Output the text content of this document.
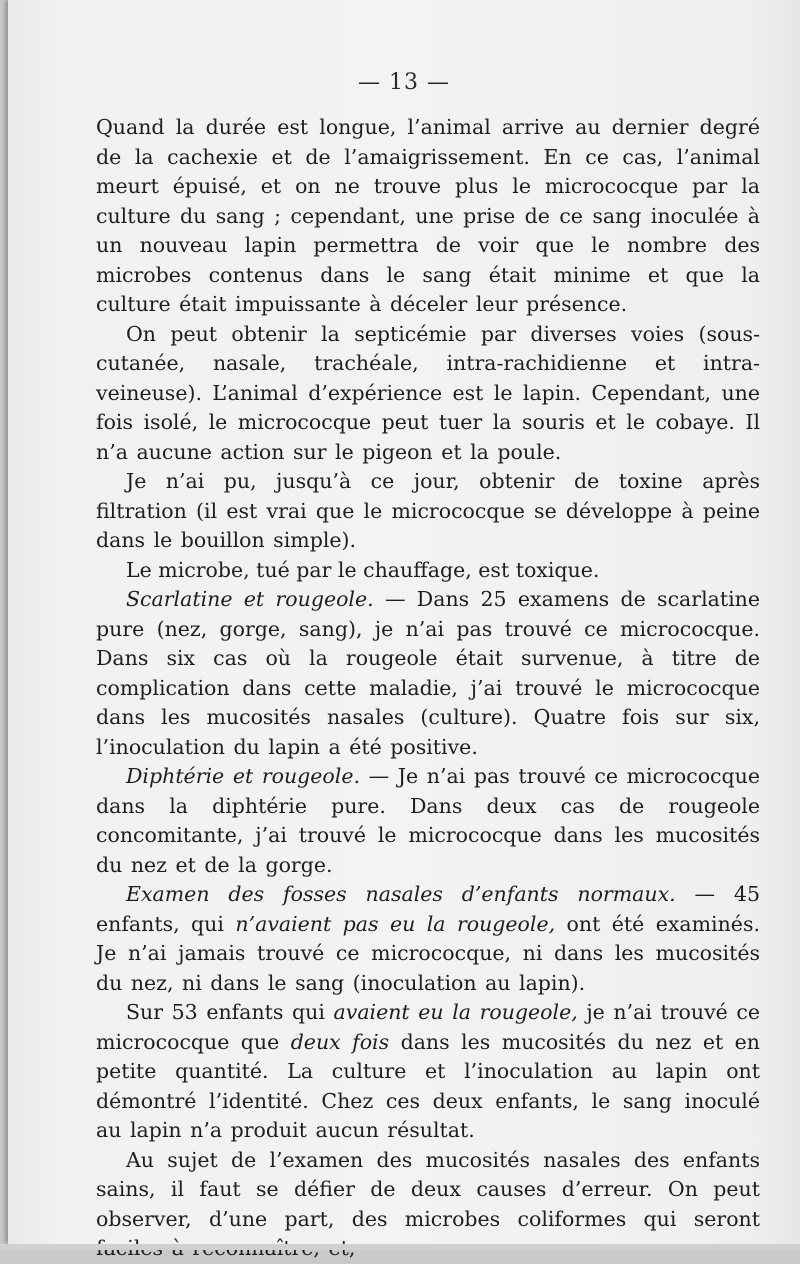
— 13 —

Quand la durée est longue, l’animal arrive au dernier degré de la cachexie et de l’amaigrissement. En ce cas, l’animal meurt épuisé, et on ne trouve plus le micrococque par la culture du sang ; cependant, une prise de ce sang inoculée à un nouveau lapin permettra de voir que le nombre des microbes contenus dans le sang était minime et que la culture était impuissante à déceler leur présence.

On peut obtenir la septicémie par diverses voies (sous-cutanée, nasale, trachéale, intra-rachidienne et intra-veineuse). L’animal d’expérience est le lapin. Cependant, une fois isolé, le micrococque peut tuer la souris et le cobaye. Il n’a aucune action sur le pigeon et la poule.

Je n’ai pu, jusqu’à ce jour, obtenir de toxine après filtration (il est vrai que le micrococque se développe à peine dans le bouillon simple).

Le microbe, tué par le chauffage, est toxique.

Scarlatine et rougeole. — Dans 25 examens de scarlatine pure (nez, gorge, sang), je n’ai pas trouvé ce micrococque. Dans six cas où la rougeole était survenue, à titre de complication dans cette maladie, j’ai trouvé le micrococque dans les mucosités nasales (culture). Quatre fois sur six, l’inoculation du lapin a été positive.

Diphtérie et rougeole. — Je n’ai pas trouvé ce micrococque dans la diphtérie pure. Dans deux cas de rougeole concomitante, j’ai trouvé le micrococque dans les mucosités du nez et de la gorge.

Examen des fosses nasales d’enfants normaux. — 45 enfants, qui n’avaient pas eu la rougeole, ont été examinés. Je n’ai jamais trouvé ce micrococque, ni dans les mucosités du nez, ni dans le sang (inoculation au lapin).

Sur 53 enfants qui avaient eu la rougeole, je n’ai trouvé ce micrococque que deux fois dans les mucosités du nez et en petite quantité. La culture et l’inoculation au lapin ont démontré l’identité. Chez ces deux enfants, le sang inoculé au lapin n’a produit aucun résultat.

Au sujet de l’examen des mucosités nasales des enfants sains, il faut se défier de deux causes d’erreur. On peut observer, d’une part, des microbes coliformes qui seront
